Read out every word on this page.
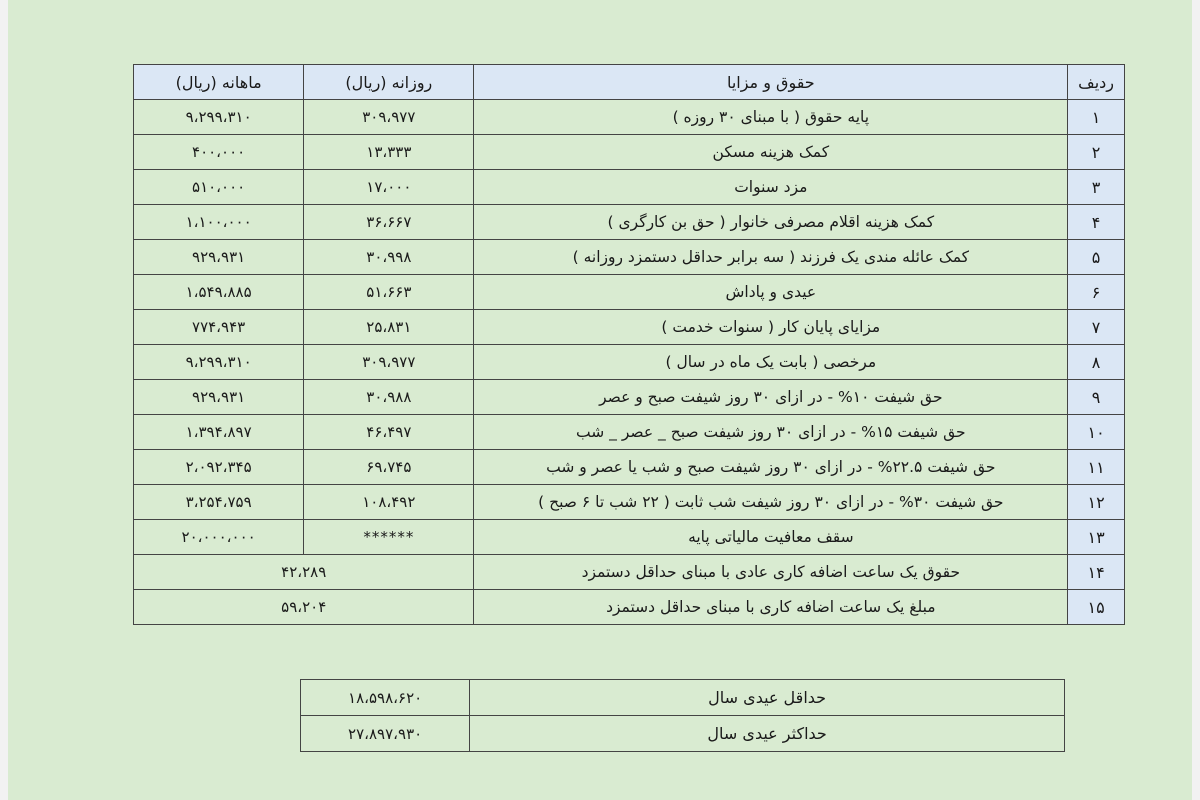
ردیف	حقوق و مزایا	روزانه (ریال)	ماهانه (ریال)
۱	پایه حقوق ( با مبنای ۳۰ روزه )	۳۰۹،۹۷۷	۹،۲۹۹،۳۱۰
۲	کمک هزینه مسکن	۱۳،۳۳۳	۴۰۰،۰۰۰
۳	مزد سنوات	۱۷،۰۰۰	۵۱۰،۰۰۰
۴	کمک هزینه اقلام مصرفی خانوار ( حق بن کارگری )	۳۶،۶۶۷	۱،۱۰۰،۰۰۰
۵	کمک عائله مندی یک فرزند ( سه برابر حداقل دستمزد روزانه )	۳۰،۹۹۸	۹۲۹،۹۳۱
۶	عیدی و پاداش	۵۱،۶۶۳	۱،۵۴۹،۸۸۵
۷	مزایای پایان کار ( سنوات خدمت )	۲۵،۸۳۱	۷۷۴،۹۴۳
۸	مرخصی ( بابت یک ماه در سال )	۳۰۹،۹۷۷	۹،۲۹۹،۳۱۰
۹	حق شیفت ۱۰% - در ازای ۳۰ روز شیفت صبح و عصر	۳۰،۹۸۸	۹۲۹،۹۳۱
۱۰	حق شیفت ۱۵% - در ازای ۳۰ روز شیفت صبح _ عصر _ شب	۴۶،۴۹۷	۱،۳۹۴،۸۹۷
۱۱	حق شیفت ۲۲.۵% - در ازای ۳۰ روز شیفت صبح و شب یا عصر و شب	۶۹،۷۴۵	۲،۰۹۲،۳۴۵
۱۲	حق شیفت ۳۰% - در ازای ۳۰ روز شیفت شب ثابت ( ۲۲ شب تا ۶ صبح )	۱۰۸،۴۹۲	۳،۲۵۴،۷۵۹
۱۳	سقف معافیت مالیاتی پایه	******	۲۰،۰۰۰،۰۰۰
۱۴	حقوق یک ساعت اضافه کاری عادی با مبنای حداقل دستمزد	۴۲،۲۸۹	
۱۵	مبلغ یک ساعت اضافه کاری با مبنای حداقل دستمزد	۵۹،۲۰۴	
حداقل عیدی سال	۱۸،۵۹۸،۶۲۰
حداکثر عیدی سال	۲۷،۸۹۷،۹۳۰
